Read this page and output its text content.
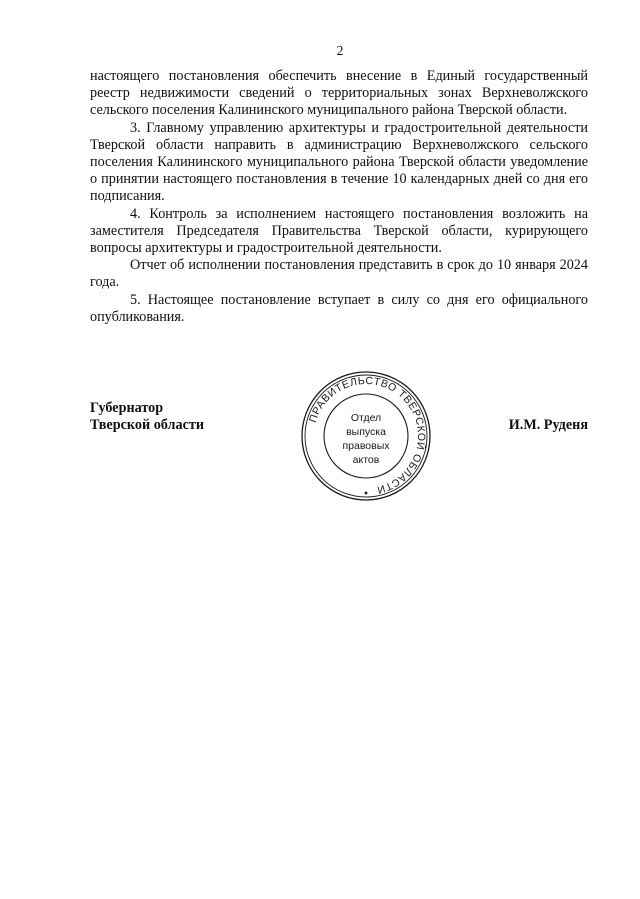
2

настоящего постановления обеспечить внесение в Единый государственный реестр недвижимости сведений о территориальных зонах Верхневолжского сельского поселения Калининского муниципального района Тверской области.

3. Главному управлению архитектуры и градостроительной деятельности Тверской области направить в администрацию Верхневолжского сельского поселения Калининского муниципального района Тверской области уведомление о принятии настоящего постановления в течение 10 календарных дней со дня его подписания.

4. Контроль за исполнением настоящего постановления возложить на заместителя Председателя Правительства Тверской области, курирующего вопросы архитектуры и градостроительной деятельности.

Отчет об исполнении постановления представить в срок до 10 января 2024 года.

5. Настоящее постановление вступает в силу со дня его официального опубликования.

Губернатор
Тверской области	ПРАВИТЕЛЬСТВО ТВЕРСКОЙ ОБЛАСТИ
Отдел
выпуска
правовых
актов
И.М. Руденя
